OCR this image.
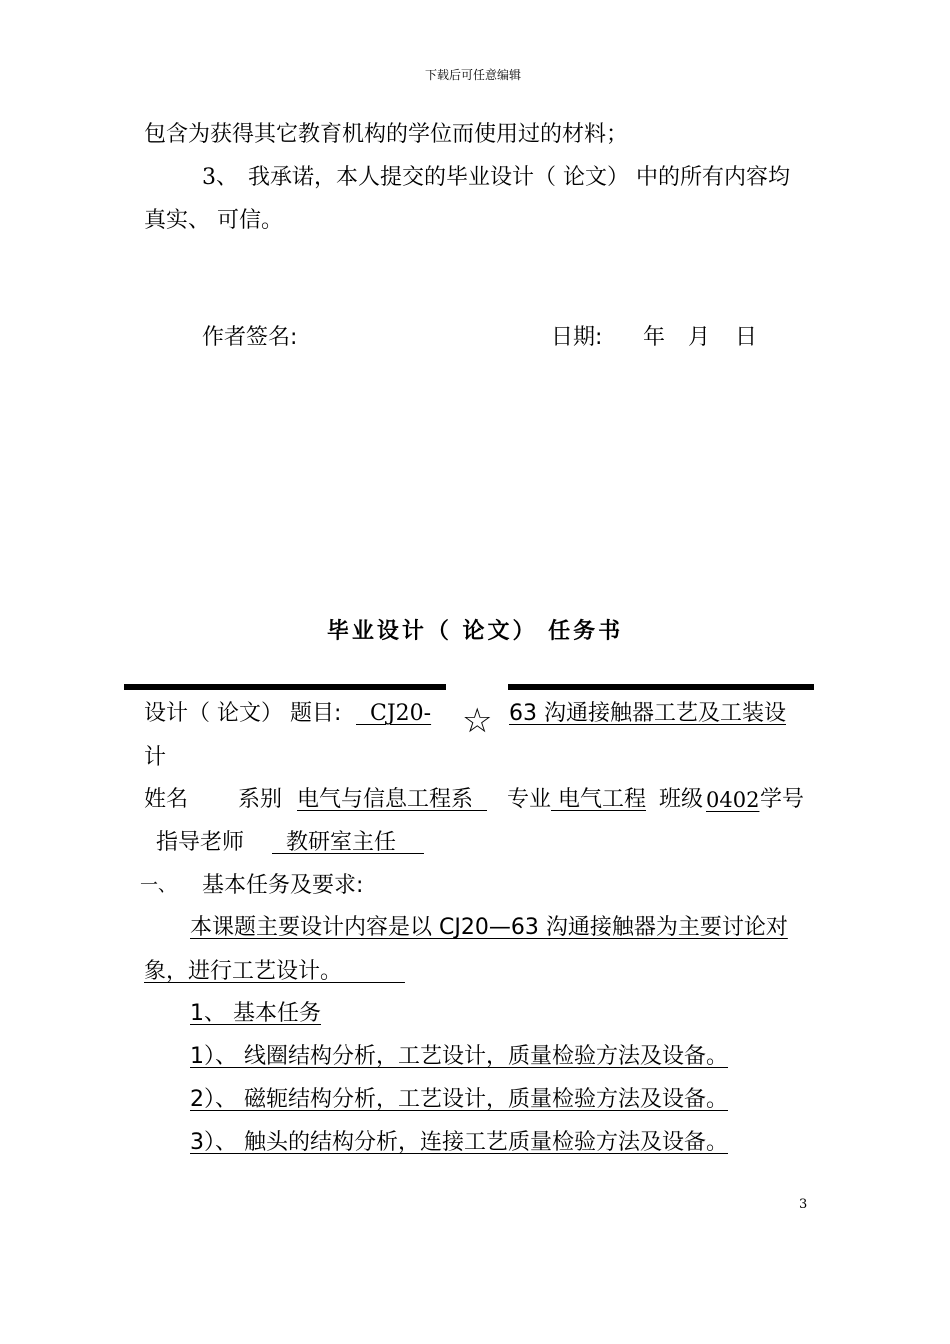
下载后可任意编辑
包含为获得其它教育机构的学位而使用过的材料；
3、 我承诺，本人提交的毕业设计（ 论文） 中的所有内容均
真实、 可信。
作者签名:	日期: 年 月 日
毕业设计（ 论文） 任务书
设计（ 论文） 题目: CJ20- ☆ 63 沟通接触器工艺及工装设
计
姓名 系别 电气与信息工程系 专业 电气工程 班级 0402 学号
指导老师 教研室主任
一、 基本任务及要求:
本课题主要设计内容是以 CJ20—63 沟通接触器为主要讨论对
象，进行工艺设计。
1、 基本任务
1）、 线圈结构分析，工艺设计，质量检验方法及设备。
2）、 磁轭结构分析，工艺设计，质量检验方法及设备。
3）、 触头的结构分析，连接工艺质量检验方法及设备。
3
